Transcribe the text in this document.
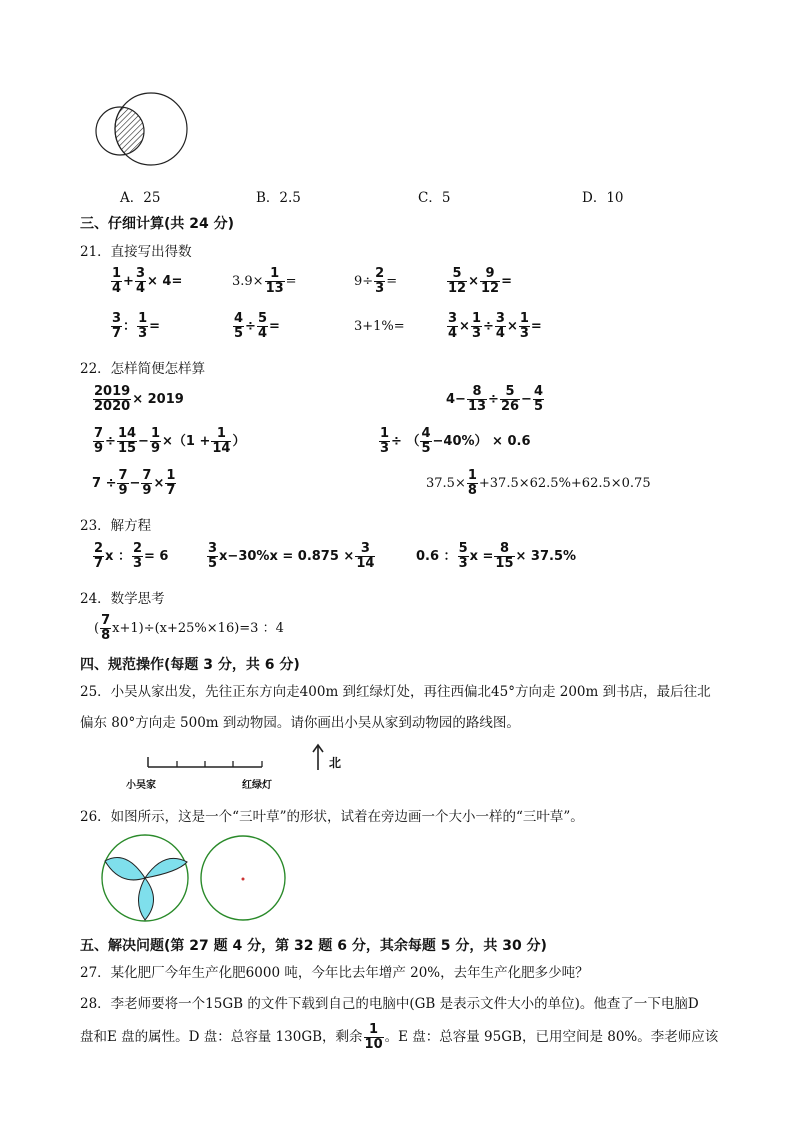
A．25	B．2.5	C．5	D．10
三、仔细计算(共 24 分)
21．直接写出得数
$\frac{1}{4} + \frac{3}{4} \times 4=$	$3.9\times \frac{1}{13}$ =	$9\div \frac{2}{3}$ =	$\frac{5}{12} \times \frac{9}{12}$ =
$\frac{3}{7}$ ： $\frac{1}{3}$ =	$\frac{4}{5} \div \frac{5}{4}$ =	3+1%=	$\frac{3}{4} \times \frac{1}{3} \div \frac{3}{4} \times \frac{1}{3}$ =
22．怎样简便怎样算
$\frac{2019}{2020} \times 2019$	$4- \frac{8}{13} \div \frac{5}{26} - \frac{4}{5}$
$\frac{7}{9} \div \frac{14}{15} - \frac{1}{9} \times(1 + \frac{1}{14}$ ）	$\frac{1}{3}$ ÷ （ $\frac{4}{5} -40\%) \times 0.6$
$7 \div \frac{7}{9} - \frac{7}{9} \times \frac{1}{7}$	$37.5\times \frac{1}{8} +37.5\times 62.5\%+62.5\times 0.75$
23．解方程
$\frac{2}{7}$ x ： $\frac{2}{3} = 6$	$\frac{3}{5} x-30\%x = 0.875 \times \frac{3}{14}$	0.6 ： $\frac{5}{3}$ $x = \frac{8}{15} \times 37.5\%$
24．数学思考
( $\frac{7}{8} x+1)\div(x+25\%\times 16)=3$ ：4
四、规范操作(每题 3 分，共 6 分)
25．小吴从家出发，先往正东方向走400m 到红绿灯处，再往西偏北45°方向走 200m 到书店，最后往北
偏东 80°方向走 500m 到动物园。请你画出小吴从家到动物园的路线图。
小吴家	红绿灯
北
26．如图所示，这是一个“三叶草”的形状，试着在旁边画一个大小一样的“三叶草”。
五、解决问题(第 27 题 4 分，第 32 题 6 分，其余每题 5 分，共 30 分)
27．某化肥厂今年生产化肥6000 吨，今年比去年增产 20%，去年生产化肥多少吨？
28．李老师要将一个15GB 的文件下载到自己的电脑中(GB 是表示文件大小的单位)。他查了一下电脑D
盘和E 盘的属性。D 盘：总容量 130GB，剩余 $\frac{1}{10}$ 。E 盘：总容量 95GB，已用空间是 80%。李老师应该
